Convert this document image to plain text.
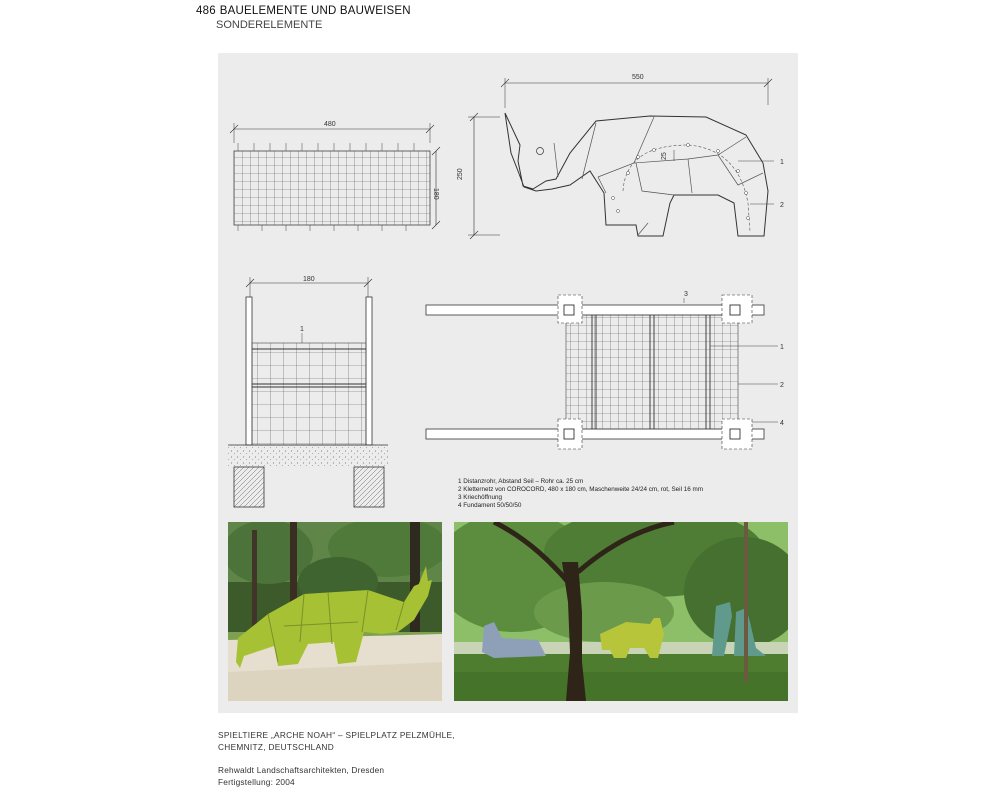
486 BAUELEMENTE UND BAUWEISEN
SONDERELEMENTE
480
180
550
250
25
1
2
180
1
3
1
2
4
1 Distanzrohr, Abstand Seil – Rohr ca. 25 cm
2 Kletternetz von COROCORD, 480 x 180 cm, Maschenweite 24/24 cm, rot, Seil 16 mm
3 Kriechöffnung
4 Fundament 50/50/50
SPIELTIERE „ARCHE NOAH“ – SPIELPLATZ PELZMÜHLE,
CHEMNITZ, DEUTSCHLAND
Rehwaldt Landschaftsarchitekten, Dresden
Fertigstellung: 2004
